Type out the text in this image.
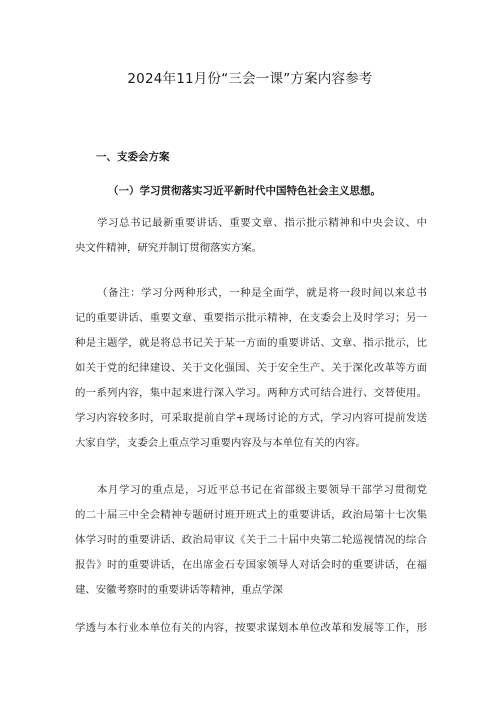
2024年11月份“三会一课”方案内容参考
一、支委会方案
（一）学习贯彻落实习近平新时代中国特色社会主义思想。
学习总书记最新重要讲话、重要文章、指示批示精神和中央会议、中
央文件精神，研究并制订贯彻落实方案。
（备注：学习分两种形式，一种是全面学，就是将一段时间以来总书
记的重要讲话、重要文章、重要指示批示精神，在支委会上及时学习；另一
种是主题学，就是将总书记关于某一方面的重要讲话、文章、指示批示，比
如关于党的纪律建设、关于文化强国、关于安全生产、关于深化改革等方面
的一系列内容，集中起来进行深入学习。两种方式可结合进行、交替使用。
学习内容较多时，可采取提前自学+现场讨论的方式，学习内容可提前发送
大家自学，支委会上重点学习重要内容及与本单位有关的内容。
本月学习的重点是，习近平总书记在省部级主要领导干部学习贯彻党
的二十届三中全会精神专题研讨班开班式上的重要讲话，政治局第十七次集
体学习时的重要讲话、政治局审议《关于二十届中央第二轮巡视情况的综合
报告》时的重要讲话，在出席金石专国家领导人对话会时的重要讲话，在福
建、安徽考察时的重要讲话等精神，重点学深
学透与本行业本单位有关的内容，按要求谋划本单位改革和发展等工作，形
